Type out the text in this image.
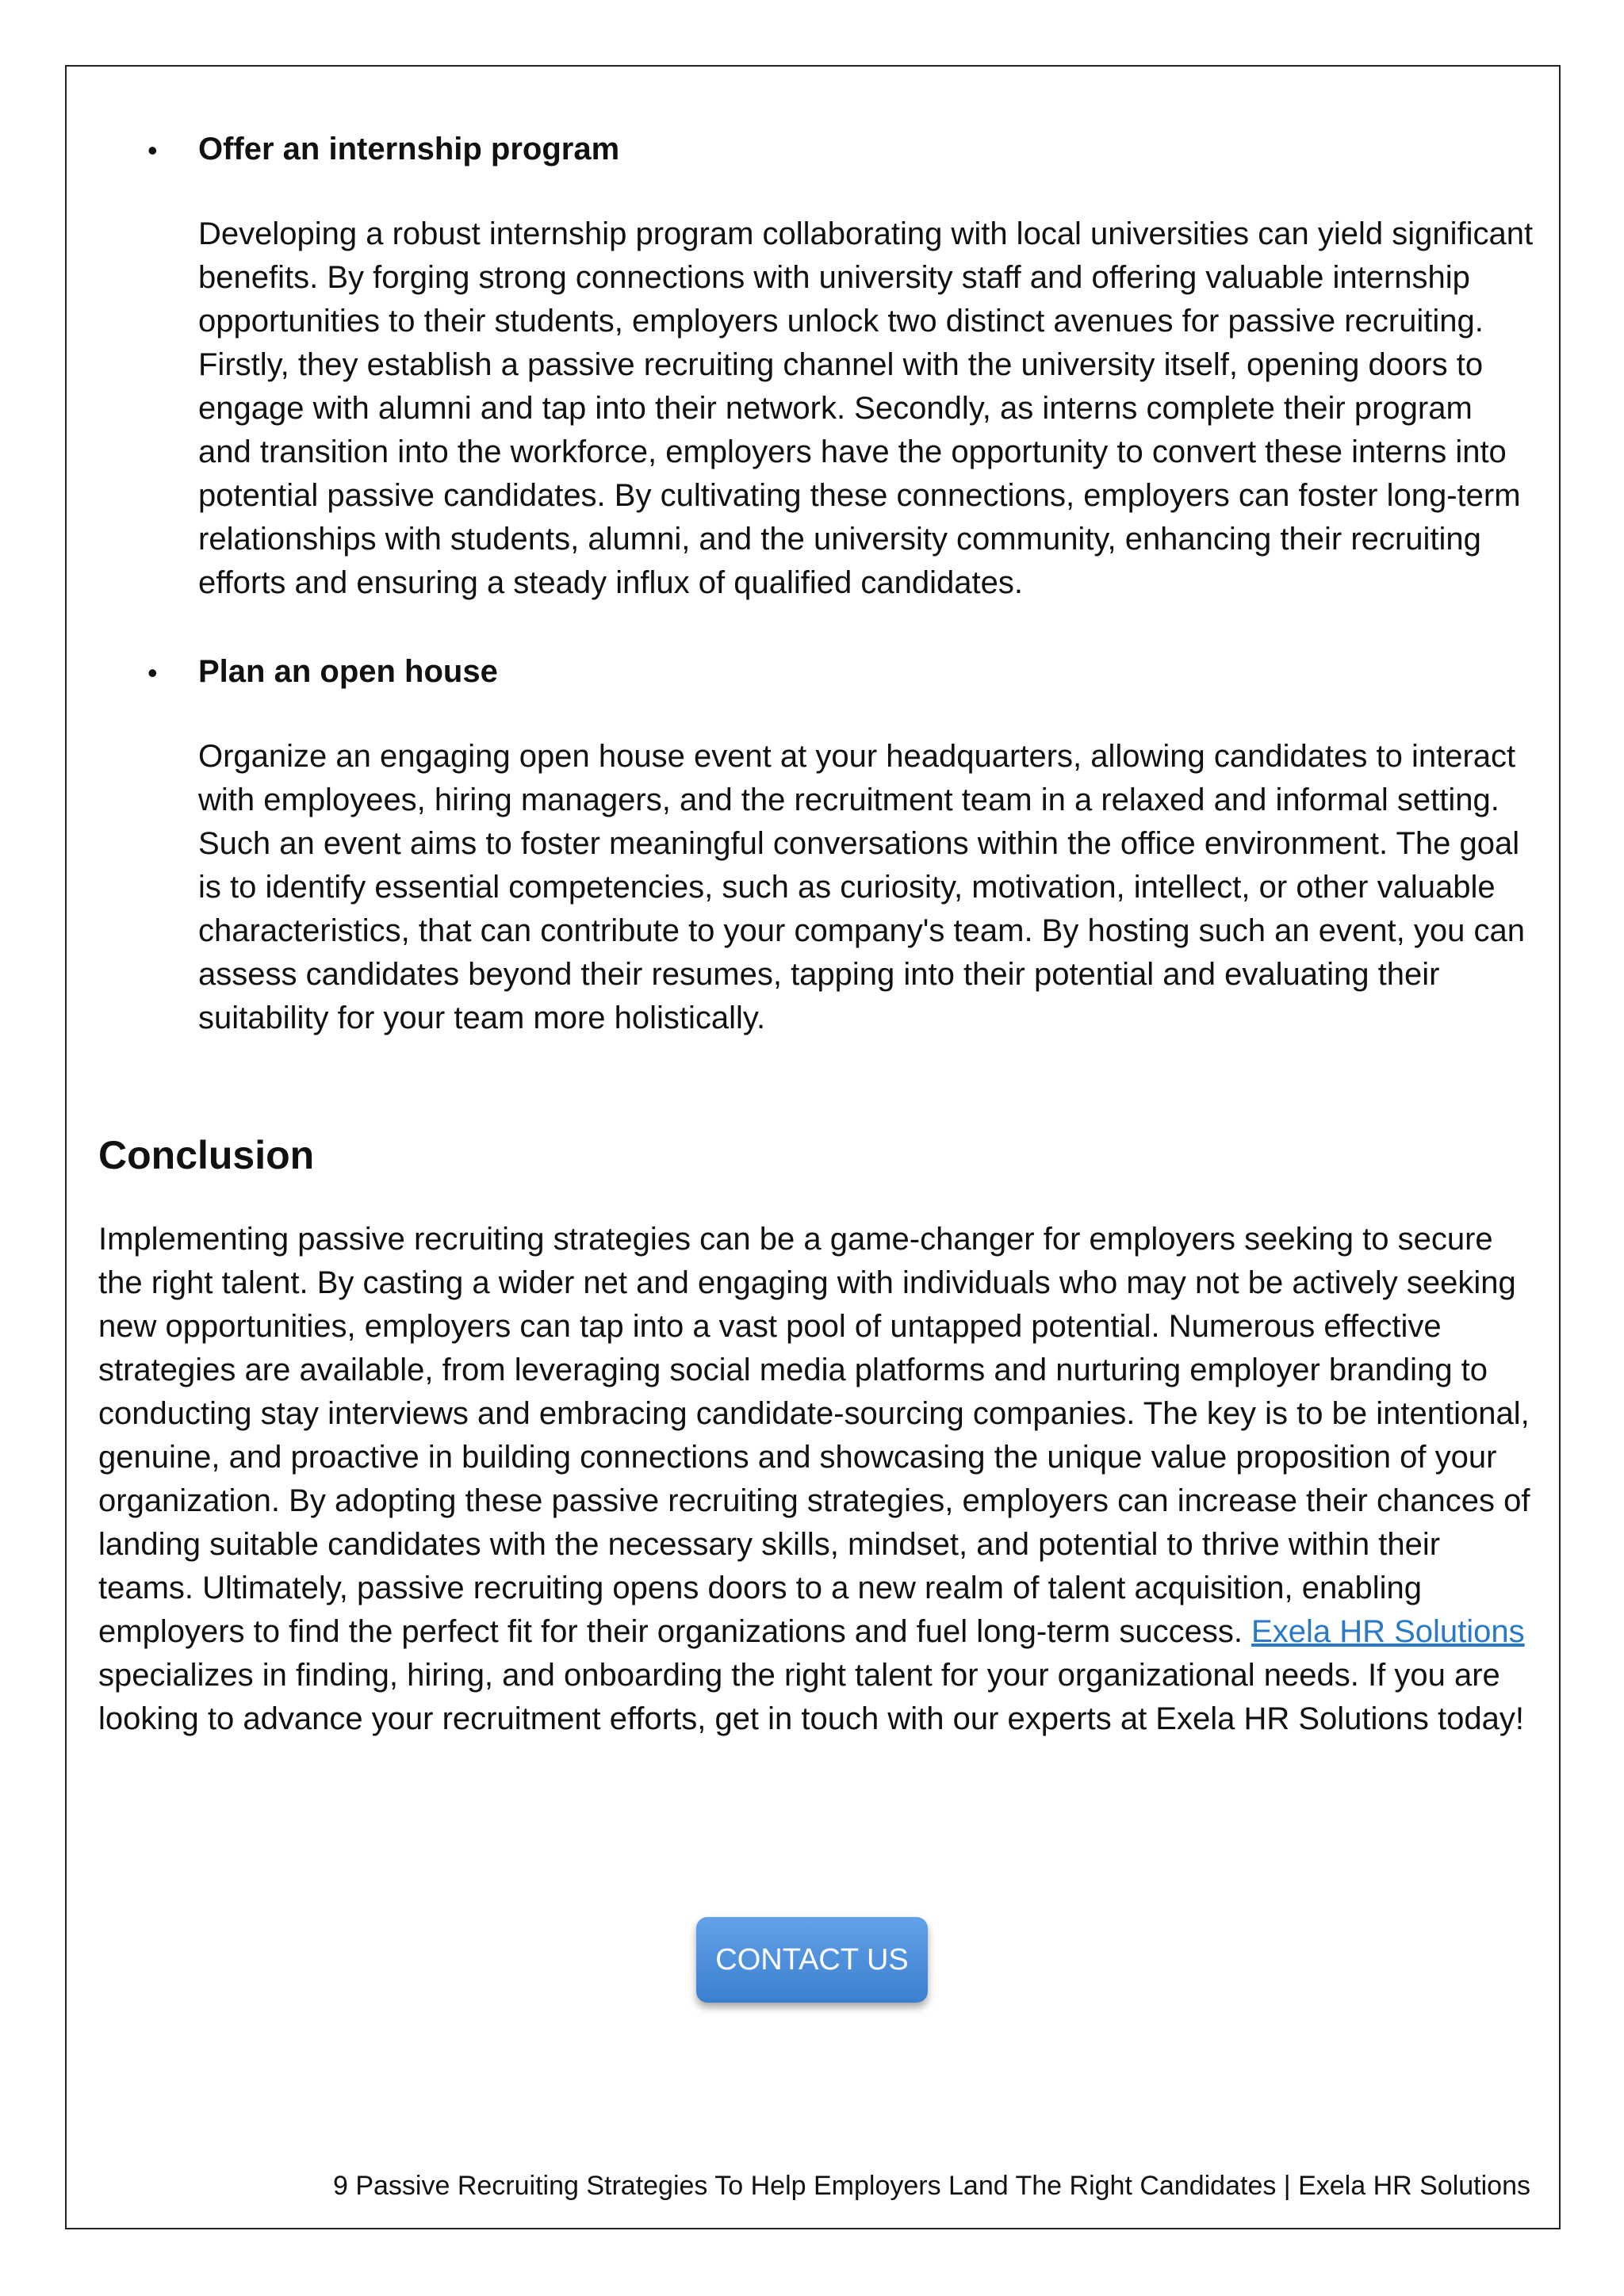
• Offer an internship program

Developing a robust internship program collaborating with local universities can yield significant benefits. By forging strong connections with university staff and offering valuable internship opportunities to their students, employers unlock two distinct avenues for passive recruiting. Firstly, they establish a passive recruiting channel with the university itself, opening doors to engage with alumni and tap into their network. Secondly, as interns complete their program and transition into the workforce, employers have the opportunity to convert these interns into potential passive candidates. By cultivating these connections, employers can foster long-term relationships with students, alumni, and the university community, enhancing their recruiting efforts and ensuring a steady influx of qualified candidates.

• Plan an open house

Organize an engaging open house event at your headquarters, allowing candidates to interact with employees, hiring managers, and the recruitment team in a relaxed and informal setting. Such an event aims to foster meaningful conversations within the office environment. The goal is to identify essential competencies, such as curiosity, motivation, intellect, or other valuable characteristics, that can contribute to your company's team. By hosting such an event, you can assess candidates beyond their resumes, tapping into their potential and evaluating their suitability for your team more holistically.

Conclusion

Implementing passive recruiting strategies can be a game-changer for employers seeking to secure the right talent. By casting a wider net and engaging with individuals who may not be actively seeking new opportunities, employers can tap into a vast pool of untapped potential. Numerous effective strategies are available, from leveraging social media platforms and nurturing employer branding to conducting stay interviews and embracing candidate-sourcing companies. The key is to be intentional, genuine, and proactive in building connections and showcasing the unique value proposition of your organization. By adopting these passive recruiting strategies, employers can increase their chances of landing suitable candidates with the necessary skills, mindset, and potential to thrive within their teams. Ultimately, passive recruiting opens doors to a new realm of talent acquisition, enabling employers to find the perfect fit for their organizations and fuel long-term success. Exela HR Solutions specializes in finding, hiring, and onboarding the right talent for your organizational needs. If you are looking to advance your recruitment efforts, get in touch with our experts at Exela HR Solutions today!

CONTACT US
9 Passive Recruiting Strategies To Help Employers Land The Right Candidates | Exela HR Solutions
